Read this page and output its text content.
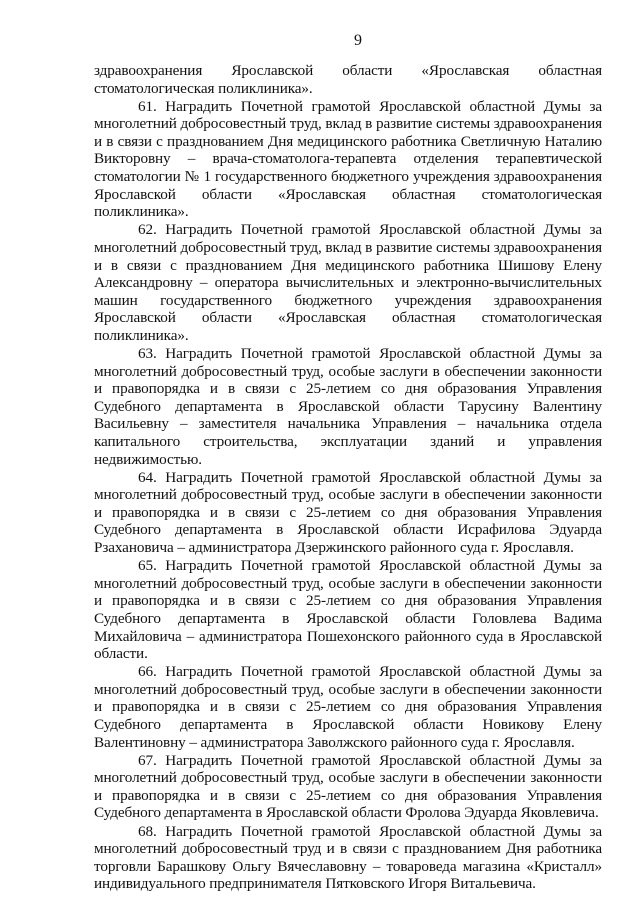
9

здравоохранения Ярославской области «Ярославская областная стоматологическая поликлиника».

61. Наградить Почетной грамотой Ярославской областной Думы за многолетний добросовестный труд, вклад в развитие системы здравоохранения и в связи с празднованием Дня медицинского работника Светличную Наталию Викторовну – врача-стоматолога-терапевта отделения терапевтической стоматологии № 1 государственного бюджетного учреждения здравоохранения Ярославской области «Ярославская областная стоматологическая поликлиника».

62. Наградить Почетной грамотой Ярославской областной Думы за многолетний добросовестный труд, вклад в развитие системы здравоохранения и в связи с празднованием Дня медицинского работника Шишову Елену Александровну – оператора вычислительных и электронно-вычислительных машин государственного бюджетного учреждения здравоохранения Ярославской области «Ярославская областная стоматологическая поликлиника».

63. Наградить Почетной грамотой Ярославской областной Думы за многолетний добросовестный труд, особые заслуги в обеспечении законности и правопорядка и в связи с 25-летием со дня образования Управления Судебного департамента в Ярославской области Тарусину Валентину Васильевну – заместителя начальника Управления – начальника отдела капитального строительства, эксплуатации зданий и управления недвижимостью.

64. Наградить Почетной грамотой Ярославской областной Думы за многолетний добросовестный труд, особые заслуги в обеспечении законности и правопорядка и в связи с 25-летием со дня образования Управления Судебного департамента в Ярославской области Исрафилова Эдуарда Рзахановича – администратора Дзержинского районного суда г. Ярославля.

65. Наградить Почетной грамотой Ярославской областной Думы за многолетний добросовестный труд, особые заслуги в обеспечении законности и правопорядка и в связи с 25-летием со дня образования Управления Судебного департамента в Ярославской области Головлева Вадима Михайловича – администратора Пошехонского районного суда в Ярославской области.

66. Наградить Почетной грамотой Ярославской областной Думы за многолетний добросовестный труд, особые заслуги в обеспечении законности и правопорядка и в связи с 25-летием со дня образования Управления Судебного департамента в Ярославской области Новикову Елену Валентиновну – администратора Заволжского районного суда г. Ярославля.

67. Наградить Почетной грамотой Ярославской областной Думы за многолетний добросовестный труд, особые заслуги в обеспечении законности и правопорядка и в связи с 25-летием со дня образования Управления Судебного департамента в Ярославской области Фролова Эдуарда Яковлевича.

68. Наградить Почетной грамотой Ярославской областной Думы за многолетний добросовестный труд и в связи с празднованием Дня работника торговли Барашкову Ольгу Вячеславовну – товароведа магазина «Кристалл» индивидуального предпринимателя Пятковского Игоря Витальевича.
